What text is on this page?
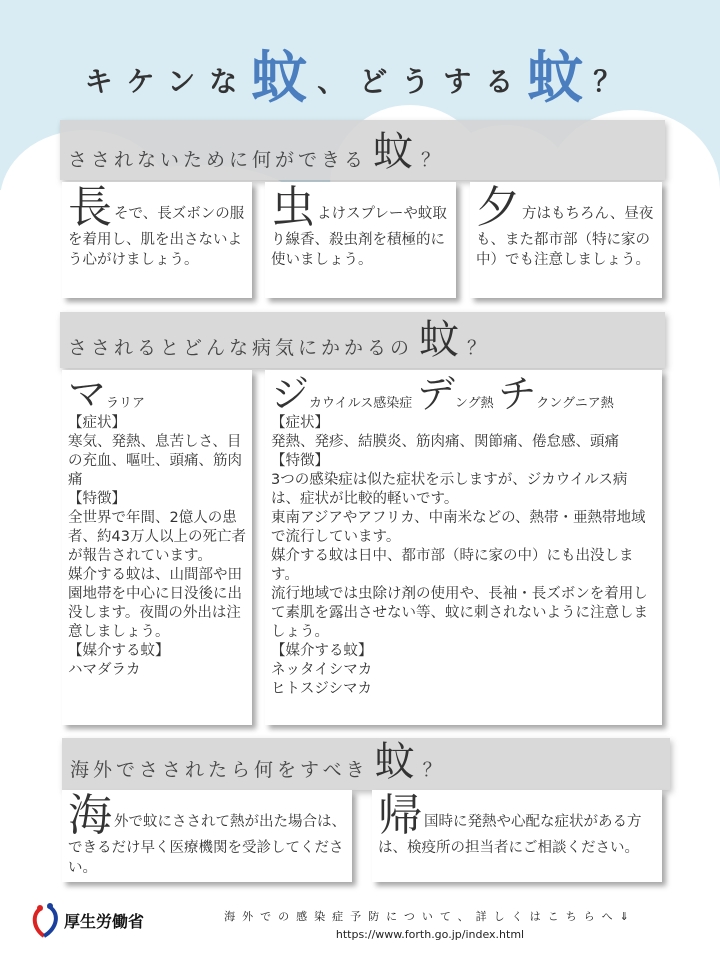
キケンな蚊、どうする蚊？
さされないために何ができる 蚊 ？
長そで、長ズボンの服を着用し、肌を出さないよう心がけましょう。
虫よけスプレーや蚊取り線香、殺虫剤を積極的に使いましょう。
夕方はもちろん、昼夜も、また都市部（特に家の中）でも注意しましょう。
さされるとどんな病気にかかるの 蚊 ？
マラリア
【症状】
寒気、発熱、息苦しさ、目の充血、嘔吐、頭痛、筋肉痛
【特徴】
全世界で年間、2億人の患者、約43万人以上の死亡者が報告されています。
媒介する蚊は、山間部や田園地帯を中心に日没後に出没します。夜間の外出は注意しましょう。
【媒介する蚊】
ハマダラカ
ジカウイルス感染症 デング熱 チクングニア熱
【症状】
発熱、発疹、結膜炎、筋肉痛、関節痛、倦怠感、頭痛
【特徴】
3つの感染症は似た症状を示しますが、ジカウイルス病は、症状が比較的軽いです。
東南アジアやアフリカ、中南米などの、熱帯・亜熱帯地域で流行しています。
媒介する蚊は日中、都市部（時に家の中）にも出没します。
流行地域では虫除け剤の使用や、長袖・長ズボンを着用して素肌を露出させない等、蚊に刺されないように注意しましょう。
【媒介する蚊】
ネッタイシマカ
ヒトスジシマカ
海外でさされたら何をすべき 蚊 ？
海外で蚊にさされて熱が出た場合は、できるだけ早く医療機関を受診してください。
帰国時に発熱や心配な症状がある方は、検疫所の担当者にご相談ください。
厚生労働省	海外での感染症予防について、詳しくはこちらへ⇓
https://www.forth.go.jp/index.html
